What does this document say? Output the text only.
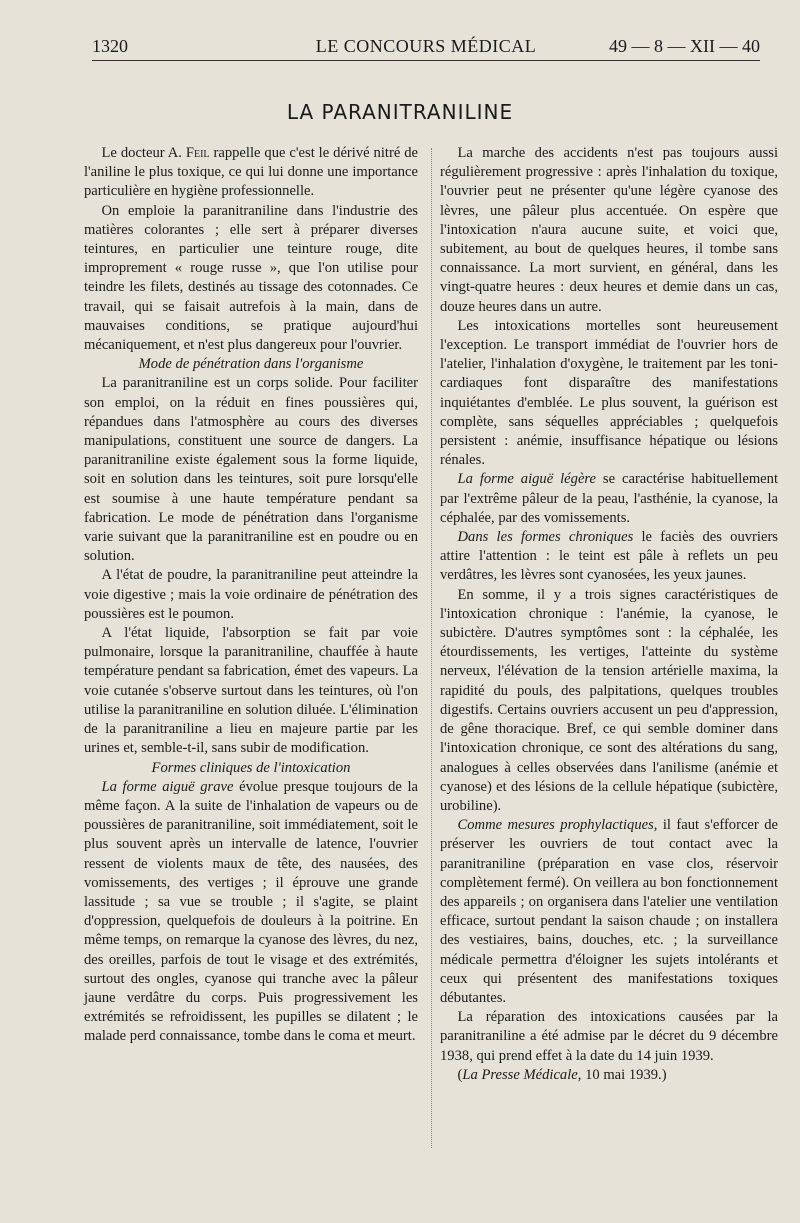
1320	LE CONCOURS MÉDICAL	49 — 8 — XII — 40
LA PARANITRANILINE

Le docteur A. Feil rappelle que c'est le dérivé nitré de l'aniline le plus toxique, ce qui lui donne une importance particulière en hygiène professionnelle.

On emploie la paranitraniline dans l'industrie des matières colorantes ; elle sert à préparer diverses teintures, en particulier une teinture rouge, dite improprement « rouge russe », que l'on utilise pour teindre les filets, destinés au tissage des cotonnades. Ce travail, qui se faisait autrefois à la main, dans de mauvaises conditions, se pratique aujourd'hui mécaniquement, et n'est plus dangereux pour l'ouvrier.

Mode de pénétration dans l'organisme

La paranitraniline est un corps solide. Pour faciliter son emploi, on la réduit en fines poussières qui, répandues dans l'atmosphère au cours des diverses manipulations, constituent une source de dangers. La paranitraniline existe également sous la forme liquide, soit en solution dans les teintures, soit pure lorsqu'elle est soumise à une haute température pendant sa fabrication. Le mode de pénétration dans l'organisme varie suivant que la paranitraniline est en poudre ou en solution.

A l'état de poudre, la paranitraniline peut atteindre la voie digestive ; mais la voie ordinaire de pénétration des poussières est le poumon.

A l'état liquide, l'absorption se fait par voie pulmonaire, lorsque la paranitraniline, chauffée à haute température pendant sa fabrication, émet des vapeurs. La voie cutanée s'observe surtout dans les teintures, où l'on utilise la paranitraniline en solution diluée. L'élimination de la paranitraniline a lieu en majeure partie par les urines et, semble-t-il, sans subir de modification.

Formes cliniques de l'intoxication

La forme aiguë grave évolue presque toujours de la même façon. A la suite de l'inhalation de vapeurs ou de poussières de paranitraniline, soit immédiatement, soit le plus souvent après un intervalle de latence, l'ouvrier ressent de violents maux de tête, des nausées, des vomissements, des vertiges ; il éprouve une grande lassitude ; sa vue se trouble ; il s'agite, se plaint d'oppression, quelquefois de douleurs à la poitrine. En même temps, on remarque la cyanose des lèvres, du nez, des oreilles, parfois de tout le visage et des extrémités, surtout des ongles, cyanose qui tranche avec la pâleur jaune verdâtre du corps. Puis progressivement les extrémités se refroidissent, les pupilles se dilatent ; le malade perd connaissance, tombe dans le coma et meurt.

La marche des accidents n'est pas toujours aussi régulièrement progressive : après l'inhalation du toxique, l'ouvrier peut ne présenter qu'une légère cyanose des lèvres, une pâleur plus accentuée. On espère que l'intoxication n'aura aucune suite, et voici que, subitement, au bout de quelques heures, il tombe sans connaissance. La mort survient, en général, dans les vingt-quatre heures : deux heures et demie dans un cas, douze heures dans un autre.

Les intoxications mortelles sont heureusement l'exception. Le transport immédiat de l'ouvrier hors de l'atelier, l'inhalation d'oxygène, le traitement par les toni-cardiaques font disparaître des manifestations inquiétantes d'emblée. Le plus souvent, la guérison est complète, sans séquelles appréciables ; quelquefois persistent : anémie, insuffisance hépatique ou lésions rénales.

La forme aiguë légère se caractérise habituellement par l'extrême pâleur de la peau, l'asthénie, la cyanose, la céphalée, par des vomissements.

Dans les formes chroniques le faciès des ouvriers attire l'attention : le teint est pâle à reflets un peu verdâtres, les lèvres sont cyanosées, les yeux jaunes.

En somme, il y a trois signes caractéristiques de l'intoxication chronique : l'anémie, la cyanose, le subictère. D'autres symptômes sont : la céphalée, les étourdissements, les vertiges, l'atteinte du système nerveux, l'élévation de la tension artérielle maxima, la rapidité du pouls, des palpitations, quelques troubles digestifs. Certains ouvriers accusent un peu d'appression, de gêne thoracique. Bref, ce qui semble dominer dans l'intoxication chronique, ce sont des altérations du sang, analogues à celles observées dans l'anilisme (anémie et cyanose) et des lésions de la cellule hépatique (subictère, urobiline).

Comme mesures prophylactiques, il faut s'efforcer de préserver les ouvriers de tout contact avec la paranitraniline (préparation en vase clos, réservoir complètement fermé). On veillera au bon fonctionnement des appareils ; on organisera dans l'atelier une ventilation efficace, surtout pendant la saison chaude ; on installera des vestiaires, bains, douches, etc. ; la surveillance médicale permettra d'éloigner les sujets intolérants et ceux qui présentent des manifestations toxiques débutantes.

La réparation des intoxications causées par la paranitraniline a été admise par le décret du 9 décembre 1938, qui prend effet à la date du 14 juin 1939.

(La Presse Médicale, 10 mai 1939.)
